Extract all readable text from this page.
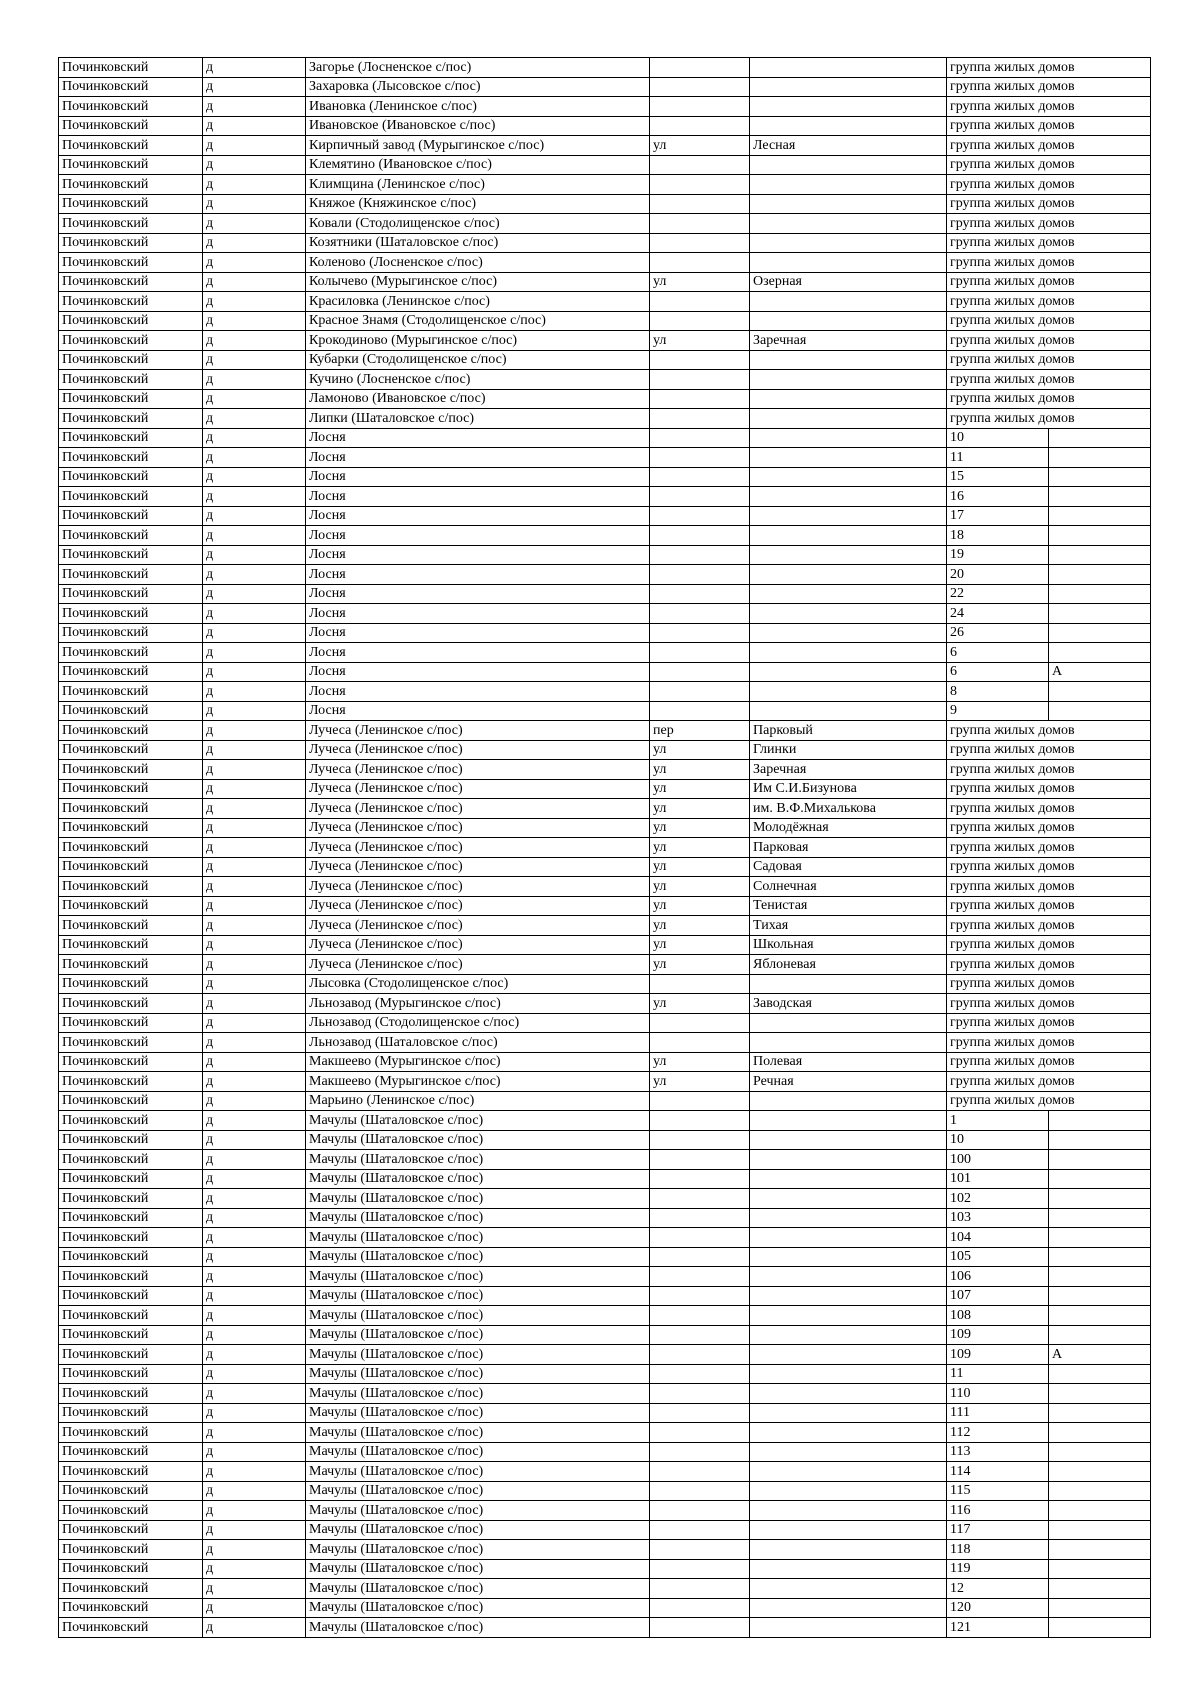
Починковский	д	Загорье (Лосненское с/пос)			группа жилых домов	
Починковский	д	Захаровка (Лысовское с/пос)			группа жилых домов	
Починковский	д	Ивановка (Ленинское с/пос)			группа жилых домов	
Починковский	д	Ивановское (Ивановское с/пос)			группа жилых домов	
Починковский	д	Кирпичный завод (Мурыгинское с/пос)	ул	Лесная	группа жилых домов	
Починковский	д	Клемятино (Ивановское с/пос)			группа жилых домов	
Починковский	д	Климщина (Ленинское с/пос)			группа жилых домов	
Починковский	д	Княжое (Княжинское с/пос)			группа жилых домов	
Починковский	д	Ковали (Стодолищенское с/пос)			группа жилых домов	
Починковский	д	Козятники (Шаталовское с/пос)			группа жилых домов	
Починковский	д	Коленово (Лосненское с/пос)			группа жилых домов	
Починковский	д	Колычево (Мурыгинское с/пос)	ул	Озерная	группа жилых домов	
Починковский	д	Красиловка (Ленинское с/пос)			группа жилых домов	
Починковский	д	Красное Знамя (Стодолищенское с/пос)			группа жилых домов	
Починковский	д	Крокодиново (Мурыгинское с/пос)	ул	Заречная	группа жилых домов	
Починковский	д	Кубарки (Стодолищенское с/пос)			группа жилых домов	
Починковский	д	Кучино (Лосненское с/пос)			группа жилых домов	
Починковский	д	Ламоново (Ивановское с/пос)			группа жилых домов	
Починковский	д	Липки (Шаталовское с/пос)			группа жилых домов	
Починковский	д	Лосня			10	
Починковский	д	Лосня			11	
Починковский	д	Лосня			15	
Починковский	д	Лосня			16	
Починковский	д	Лосня			17	
Починковский	д	Лосня			18	
Починковский	д	Лосня			19	
Починковский	д	Лосня			20	
Починковский	д	Лосня			22	
Починковский	д	Лосня			24	
Починковский	д	Лосня			26	
Починковский	д	Лосня			6	
Починковский	д	Лосня			6	А
Починковский	д	Лосня			8	
Починковский	д	Лосня			9	
Починковский	д	Лучеса (Ленинское с/пос)	пер	Парковый	группа жилых домов	
Починковский	д	Лучеса (Ленинское с/пос)	ул	Глинки	группа жилых домов	
Починковский	д	Лучеса (Ленинское с/пос)	ул	Заречная	группа жилых домов	
Починковский	д	Лучеса (Ленинское с/пос)	ул	Им С.И.Бизунова	группа жилых домов	
Починковский	д	Лучеса (Ленинское с/пос)	ул	им. В.Ф.Михалькова	группа жилых домов	
Починковский	д	Лучеса (Ленинское с/пос)	ул	Молодёжная	группа жилых домов	
Починковский	д	Лучеса (Ленинское с/пос)	ул	Парковая	группа жилых домов	
Починковский	д	Лучеса (Ленинское с/пос)	ул	Садовая	группа жилых домов	
Починковский	д	Лучеса (Ленинское с/пос)	ул	Солнечная	группа жилых домов	
Починковский	д	Лучеса (Ленинское с/пос)	ул	Тенистая	группа жилых домов	
Починковский	д	Лучеса (Ленинское с/пос)	ул	Тихая	группа жилых домов	
Починковский	д	Лучеса (Ленинское с/пос)	ул	Школьная	группа жилых домов	
Починковский	д	Лучеса (Ленинское с/пос)	ул	Яблоневая	группа жилых домов	
Починковский	д	Лысовка (Стодолищенское с/пос)			группа жилых домов	
Починковский	д	Льнозавод (Мурыгинское с/пос)	ул	Заводская	группа жилых домов	
Починковский	д	Льнозавод (Стодолищенское с/пос)			группа жилых домов	
Починковский	д	Льнозавод (Шаталовское с/пос)			группа жилых домов	
Починковский	д	Макшеево (Мурыгинское с/пос)	ул	Полевая	группа жилых домов	
Починковский	д	Макшеево (Мурыгинское с/пос)	ул	Речная	группа жилых домов	
Починковский	д	Марьино (Ленинское с/пос)			группа жилых домов	
Починковский	д	Мачулы (Шаталовское с/пос)			1	
Починковский	д	Мачулы (Шаталовское с/пос)			10	
Починковский	д	Мачулы (Шаталовское с/пос)			100	
Починковский	д	Мачулы (Шаталовское с/пос)			101	
Починковский	д	Мачулы (Шаталовское с/пос)			102	
Починковский	д	Мачулы (Шаталовское с/пос)			103	
Починковский	д	Мачулы (Шаталовское с/пос)			104	
Починковский	д	Мачулы (Шаталовское с/пос)			105	
Починковский	д	Мачулы (Шаталовское с/пос)			106	
Починковский	д	Мачулы (Шаталовское с/пос)			107	
Починковский	д	Мачулы (Шаталовское с/пос)			108	
Починковский	д	Мачулы (Шаталовское с/пос)			109	
Починковский	д	Мачулы (Шаталовское с/пос)			109	А
Починковский	д	Мачулы (Шаталовское с/пос)			11	
Починковский	д	Мачулы (Шаталовское с/пос)			110	
Починковский	д	Мачулы (Шаталовское с/пос)			111	
Починковский	д	Мачулы (Шаталовское с/пос)			112	
Починковский	д	Мачулы (Шаталовское с/пос)			113	
Починковский	д	Мачулы (Шаталовское с/пос)			114	
Починковский	д	Мачулы (Шаталовское с/пос)			115	
Починковский	д	Мачулы (Шаталовское с/пос)			116	
Починковский	д	Мачулы (Шаталовское с/пос)			117	
Починковский	д	Мачулы (Шаталовское с/пос)			118	
Починковский	д	Мачулы (Шаталовское с/пос)			119	
Починковский	д	Мачулы (Шаталовское с/пос)			12	
Починковский	д	Мачулы (Шаталовское с/пос)			120	
Починковский	д	Мачулы (Шаталовское с/пос)			121	
